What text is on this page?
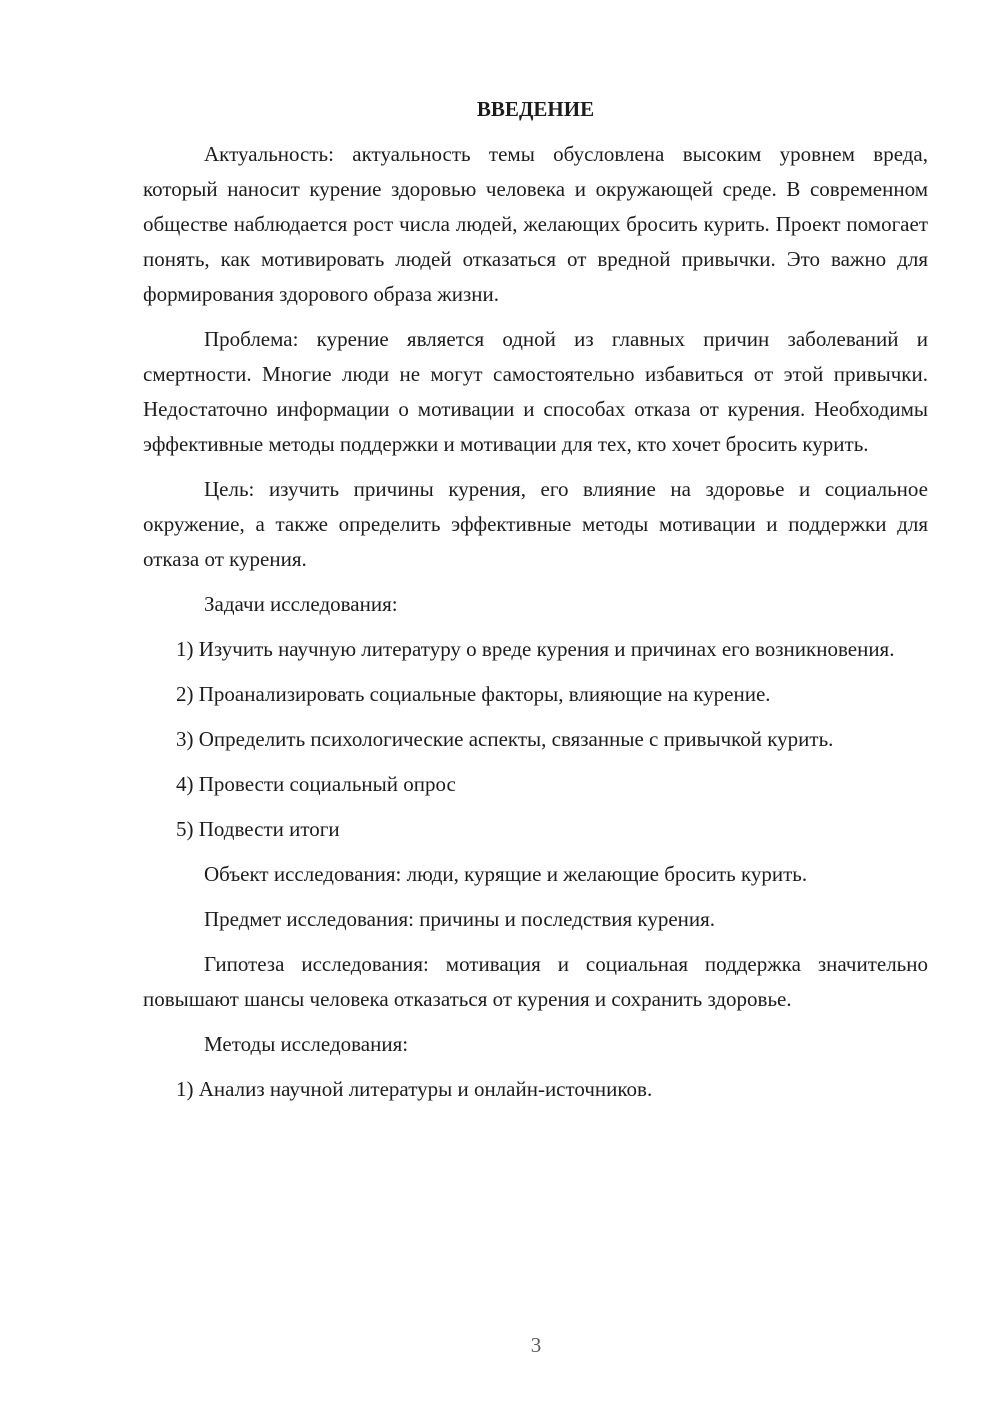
ВВЕДЕНИЕ

Актуальность: актуальность темы обусловлена высоким уровнем вреда, который наносит курение здоровью человека и окружающей среде. В современном обществе наблюдается рост числа людей, желающих бросить курить. Проект помогает понять, как мотивировать людей отказаться от вредной привычки. Это важно для формирования здорового образа жизни.

Проблема: курение является одной из главных причин заболеваний и смертности. Многие люди не могут самостоятельно избавиться от этой привычки. Недостаточно информации о мотивации и способах отказа от курения. Необходимы эффективные методы поддержки и мотивации для тех, кто хочет бросить курить.

Цель: изучить причины курения, его влияние на здоровье и социальное окружение, а также определить эффективные методы мотивации и поддержки для отказа от курения.

Задачи исследования:

1) Изучить научную литературу о вреде курения и причинах его возникновения.

2) Проанализировать социальные факторы, влияющие на курение.

3) Определить психологические аспекты, связанные с привычкой курить.

4) Провести социальный опрос

5) Подвести итоги

Объект исследования: люди, курящие и желающие бросить курить.

Предмет исследования: причины и последствия курения.

Гипотеза исследования: мотивация и социальная поддержка значительно повышают шансы человека отказаться от курения и сохранить здоровье.

Методы исследования:

1) Анализ научной литературы и онлайн-источников.

3
